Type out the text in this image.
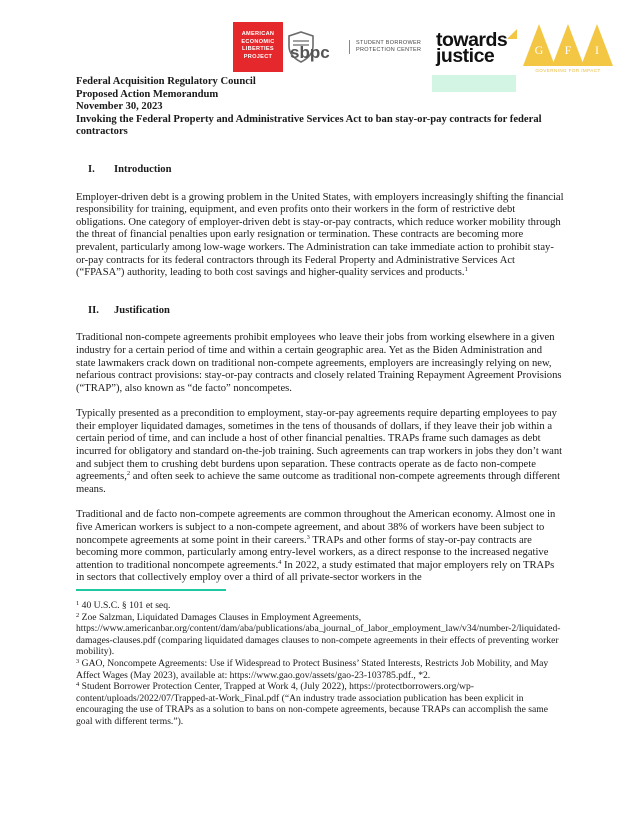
AMERICAN
ECONOMIC
LIBERTIES
PROJECT	sbpc	STUDENT BORROWER
PROTECTION CENTER towards
justice	G F I
GOVERNING FOR IMPACT

Federal Acquisition Regulatory Council

Proposed Action Memorandum

November 30, 2023

Invoking the Federal Property and Administrative Services Act to ban stay-or-pay contracts for federal contractors

I.	Introduction

Employer-driven debt is a growing problem in the United States, with employers increasingly shifting the financial responsibility for training, equipment, and even profits onto their workers in the form of restrictive debt obligations. One category of employer-driven debt is stay-or-pay contracts, which reduce worker mobility through the threat of financial penalties upon early resignation or termination. These contracts are becoming more prevalent, particularly among low-wage workers. The Administration can take immediate action to prohibit stay-or-pay contracts for its federal contractors through its Federal Property and Administrative Services Act (“FPASA”) authority, leading to both cost savings and higher-quality services and products.$^1$

II.	Justification

Traditional non-compete agreements prohibit employees who leave their jobs from working elsewhere in a given industry for a certain period of time and within a certain geographic area. Yet as the Biden Administration and state lawmakers crack down on traditional non-compete agreements, employers are increasingly relying on new, nefarious contract provisions: stay-or-pay contracts and closely related Training Repayment Agreement Provisions (“TRAP”), also known as “de facto” noncompetes.

Typically presented as a precondition to employment, stay-or-pay agreements require departing employees to pay their employer liquidated damages, sometimes in the tens of thousands of dollars, if they leave their job within a certain period of time, and can include a host of other financial penalties. TRAPs frame such damages as debt incurred for obligatory and standard on-the-job training. Such agreements can trap workers in jobs they don’t want and subject them to crushing debt burdens upon separation. These contracts operate as de facto non-compete agreements,$^2$ and often seek to achieve the same outcome as traditional non-compete agreements through different means.

Traditional and de facto non-compete agreements are common throughout the American economy. Almost one in five American workers is subject to a non-compete agreement, and about 38% of workers have been subject to noncompete agreements at some point in their careers.$^3$ TRAPs and other forms of stay-or-pay contracts are becoming more common, particularly among entry-level workers, as a direct response to the increased negative attention to traditional noncompete agreements.$^4$ In 2022, a study estimated that major employers rely on TRAPs in sectors that collectively employ over a third of all private-sector workers in the

$^1$ 40 U.S.C. § 101 et seq.

$^2$ Zoe Salzman, Liquidated Damages Clauses in Employment Agreements, https://www.americanbar.org/content/dam/aba/publications/aba_journal_of_labor_employment_law/v34/number-2/liquidated-damages-clauses.pdf (comparing liquidated damages clauses to non-compete agreements in their effects of preventing worker mobility).

$^3$ GAO, Noncompete Agreements: Use if Widespread to Protect Business’ Stated Interests, Restricts Job Mobility, and May Affect Wages (May 2023), available at: https://www.gao.gov/assets/gao-23-103785.pdf., *2.

$^4$ Student Borrower Protection Center, Trapped at Work 4, (July 2022), https://protectborrowers.org/wp-content/uploads/2022/07/Trapped-at-Work_Final.pdf (“An industry trade association publication has been explicit in encouraging the use of TRAPs as a solution to bans on non-compete agreements, because TRAPs can accomplish the same goal with different terms.”).
